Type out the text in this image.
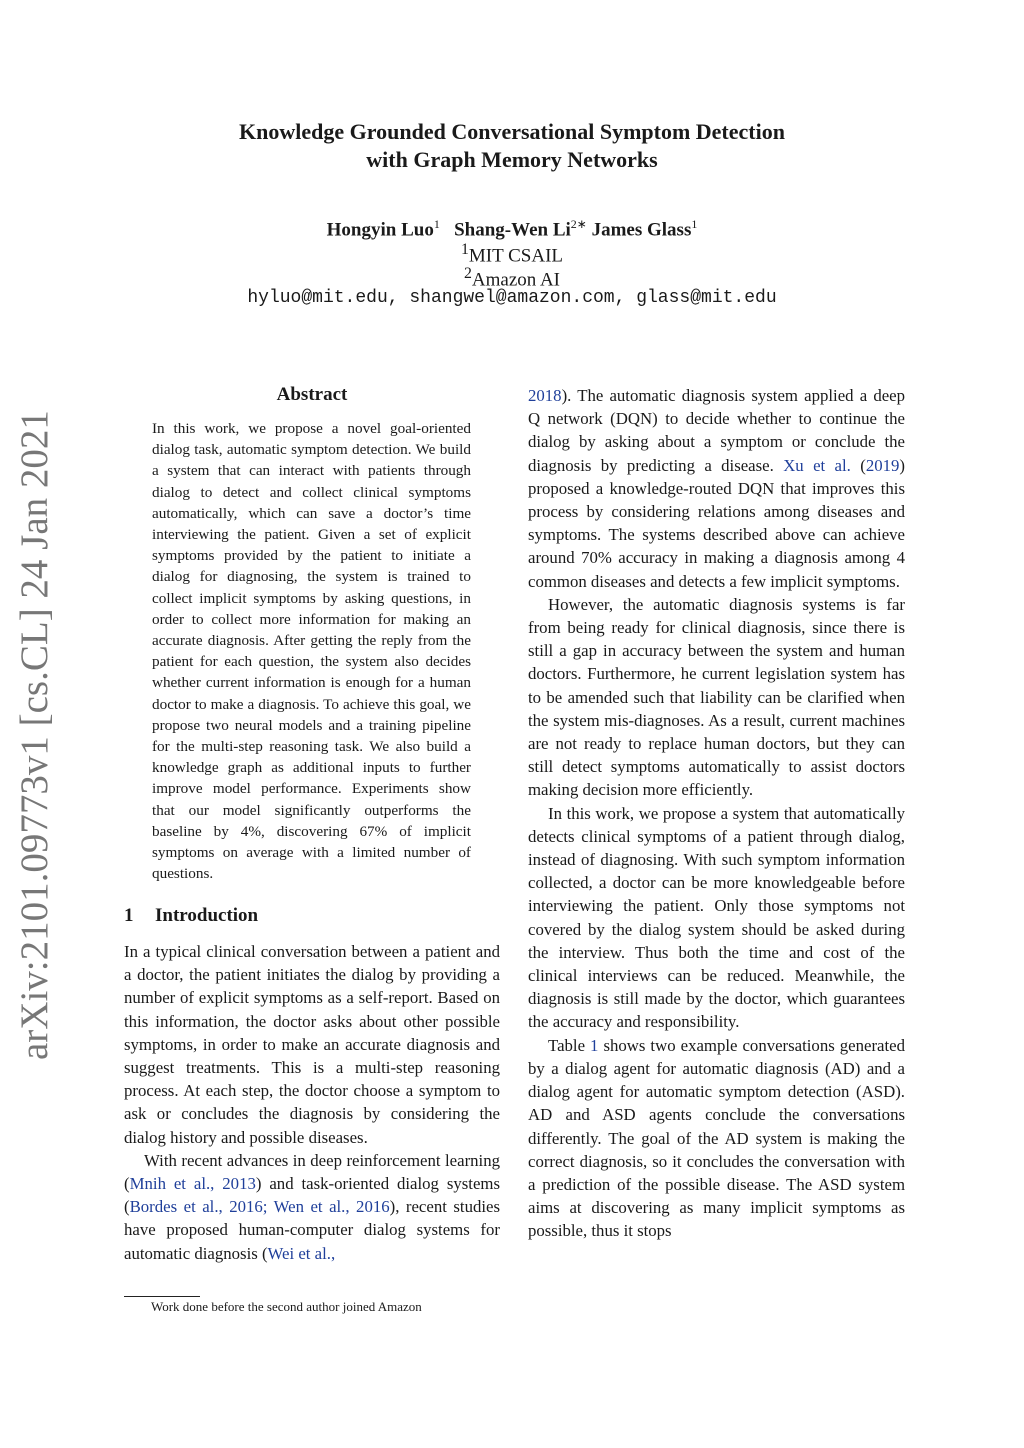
arXiv:2101.09773v1 [cs.CL] 24 Jan 2021
Knowledge Grounded Conversational Symptom Detection
with Graph Memory Networks
Hongyin Luo$^1$ Shang-Wen $Li^{2∗}$ James Glass$^1$
$^1$MIT CSAIL
$^2$Amazon AI
hyluo@mit.edu, shangwel@amazon.com, glass@mit.edu
Abstract
In this work, we propose a novel goal-oriented dialog task, automatic symptom detection. We build a system that can interact with patients through dialog to detect and collect clinical symptoms automatically, which can save a doctor’s time interviewing the patient. Given a set of explicit symptoms provided by the patient to initiate a dialog for diagnosing, the system is trained to collect implicit symptoms by asking questions, in order to collect more information for making an accurate diagnosis. After getting the reply from the patient for each question, the system also decides whether current information is enough for a human doctor to make a diagnosis. To achieve this goal, we propose two neural models and a training pipeline for the multi-step reasoning task. We also build a knowledge graph as additional inputs to further improve model performance. Experiments show that our model significantly outperforms the baseline by 4%, discovering 67% of implicit symptoms on average with a limited number of questions.
1 Introduction

In a typical clinical conversation between a patient and a doctor, the patient initiates the dialog by providing a number of explicit symptoms as a self-report. Based on this information, the doctor asks about other possible symptoms, in order to make an accurate diagnosis and suggest treatments. This is a multi-step reasoning process. At each step, the doctor choose a symptom to ask or concludes the diagnosis by considering the dialog history and possible diseases.

With recent advances in deep reinforcement learning (Mnih et al., 2013) and task-oriented dialog systems (Bordes et al., 2016; Wen et al., 2016), recent studies have proposed human-computer dialog systems for automatic diagnosis (Wei et al.,

2018). The automatic diagnosis system applied a deep Q network (DQN) to decide whether to continue the dialog by asking about a symptom or conclude the diagnosis by predicting a disease. Xu et al. (2019) proposed a knowledge-routed DQN that improves this process by considering relations among diseases and symptoms. The systems described above can achieve around 70% accuracy in making a diagnosis among 4 common diseases and detects a few implicit symptoms.

However, the automatic diagnosis systems is far from being ready for clinical diagnosis, since there is still a gap in accuracy between the system and human doctors. Furthermore, he current legislation system has to be amended such that liability can be clarified when the system mis-diagnoses. As a result, current machines are not ready to replace human doctors, but they can still detect symptoms automatically to assist doctors making decision more efficiently.

In this work, we propose a system that automatically detects clinical symptoms of a patient through dialog, instead of diagnosing. With such symptom information collected, a doctor can be more knowledgeable before interviewing the patient. Only those symptoms not covered by the dialog system should be asked during the interview. Thus both the time and cost of the clinical interviews can be reduced. Meanwhile, the diagnosis is still made by the doctor, which guarantees the accuracy and responsibility.

Table 1 shows two example conversations generated by a dialog agent for automatic diagnosis (AD) and a dialog agent for automatic symptom detection (ASD). AD and ASD agents conclude the conversations differently. The goal of the AD system is making the correct diagnosis, so it concludes the conversation with a prediction of the possible disease. The ASD system aims at discovering as many implicit symptoms as possible, thus it stops

Work done before the second author joined Amazon
